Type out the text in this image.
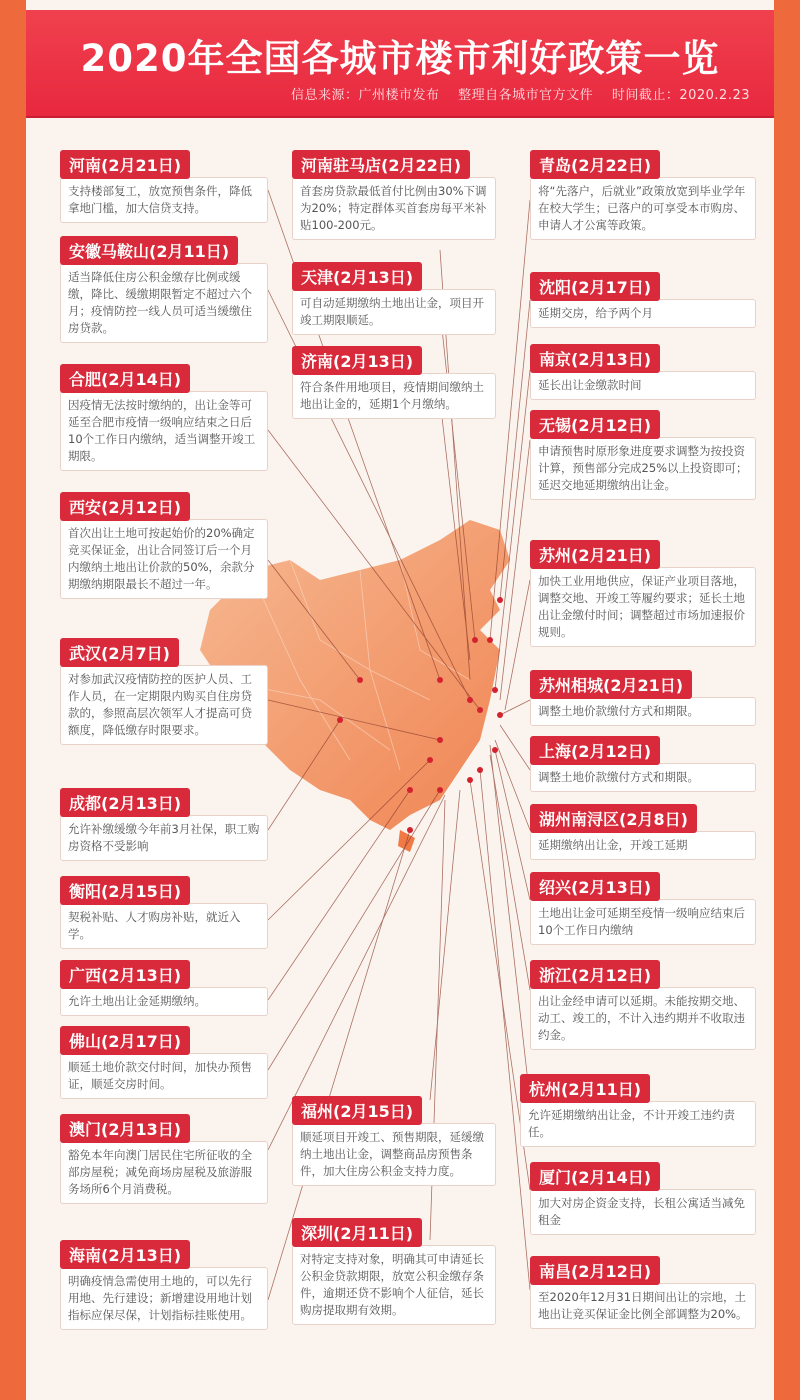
2020年全国各城市楼市利好政策一览
信息来源：广州楼市发布 整理自各城市官方文件 时间截止：2020.2.23
河南(2月21日)
支持楼部复工，放宽预售条件，降低拿地门槛，加大信贷支持。
安徽马鞍山(2月11日)
适当降低住房公积金缴存比例或缓缴，降比、缓缴期限暂定不超过六个月；疫情防控一线人员可适当缓缴住房贷款。
合肥(2月14日)
因疫情无法按时缴纳的，出让金等可延至合肥市疫情一级响应结束之日后10个工作日内缴纳，适当调整开竣工期限。
西安(2月12日)
首次出让土地可按起始价的20%确定竞买保证金，出让合同签订后一个月内缴纳土地出让价款的50%，余款分期缴纳期限最长不超过一年。
武汉(2月7日)
对参加武汉疫情防控的医护人员、工作人员，在一定期限内购买自住房贷款的，参照高层次领军人才提高可贷额度，降低缴存时限要求。
成都(2月13日)
允许补缴缓缴今年前3月社保，职工购房资格不受影响
衡阳(2月15日)
契税补贴、人才购房补贴，就近入学。
广西(2月13日)
允许土地出让金延期缴纳。
佛山(2月17日)
顺延土地价款交付时间，加快办预售证，顺延交房时间。
澳门(2月13日)
豁免本年向澳门居民住宅所征收的全部房屋税；减免商场房屋税及旅游服务场所6个月消费税。
海南(2月13日)
明确疫情急需使用土地的，可以先行用地、先行建设；新增建设用地计划指标应保尽保，计划指标挂账使用。
河南驻马店(2月22日)
首套房贷款最低首付比例由30%下调为20%；特定群体买首套房每平米补贴100-200元。
天津(2月13日)
可自动延期缴纳土地出让金，项目开竣工期限顺延。
济南(2月13日)
符合条件用地项目，疫情期间缴纳土地出让金的，延期1个月缴纳。
福州(2月15日)
顺延项目开竣工、预售期限，延缓缴纳土地出让金，调整商品房预售条件，加大住房公积金支持力度。
深圳(2月11日)
对特定支持对象，明确其可申请延长公积金贷款期限，放宽公积金缴存条件，逾期还贷不影响个人征信，延长购房提取期有效期。
青岛(2月22日)
将“先落户，后就业”政策放宽到毕业学年在校大学生；已落户的可享受本市购房、申请人才公寓等政策。
沈阳(2月17日)
延期交房，给予两个月
南京(2月13日)
延长出让金缴款时间
无锡(2月12日)
申请预售时原形象进度要求调整为按投资计算，预售部分完成25%以上投资即可；延迟交地延期缴纳出让金。
苏州(2月21日)
加快工业用地供应，保证产业项目落地，调整交地、开竣工等履约要求；延长土地出让金缴付时间；调整超过市场加速报价规则。
苏州相城(2月21日)
调整土地价款缴付方式和期限。
上海(2月12日)
调整土地价款缴付方式和期限。
湖州南浔区(2月8日)
延期缴纳出让金，开竣工延期
绍兴(2月13日)
土地出让金可延期至疫情一级响应结束后10个工作日内缴纳
浙江(2月12日)
出让金经申请可以延期。未能按期交地、动工、竣工的，不计入违约期并不收取违约金。
杭州(2月11日)
允许延期缴纳出让金，不计开竣工违约责任。
厦门(2月14日)
加大对房企资金支持，长租公寓适当减免租金
南昌(2月12日)
至2020年12月31日期间出让的宗地，土地出让竞买保证金比例全部调整为20%。
